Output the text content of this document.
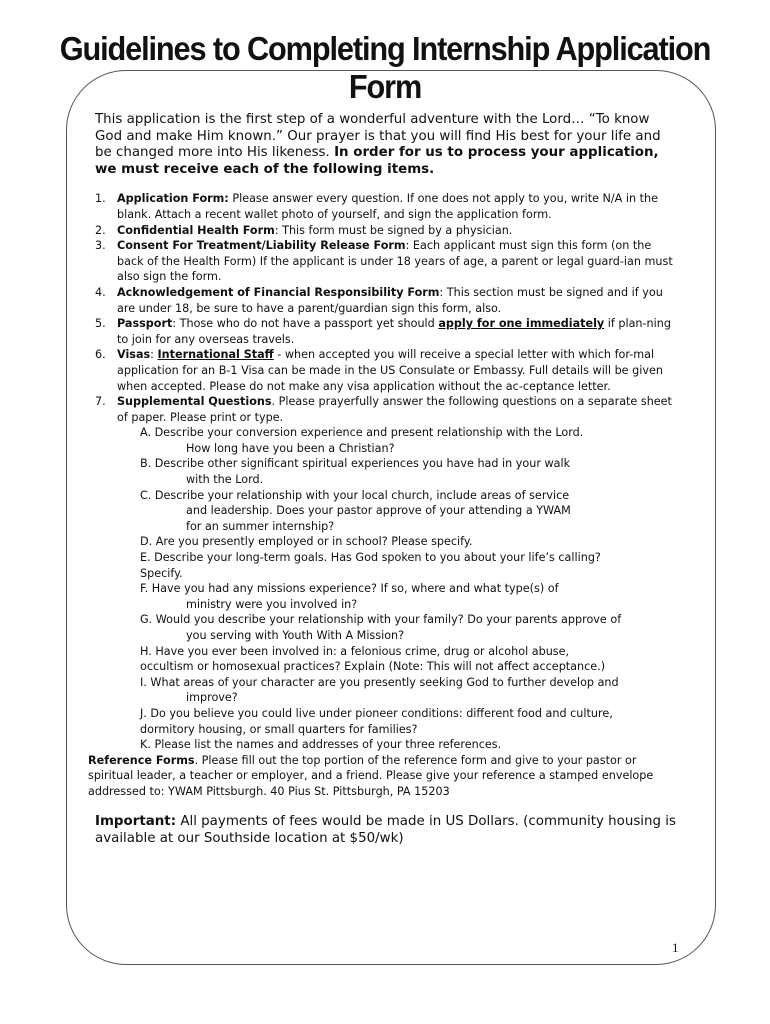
Guidelines to Completing Internship Application Form

This application is the first step of a wonderful adventure with the Lord… “To know God and make Him known.” Our prayer is that you will find His best for your life and be changed more into His likeness. In order for us to process your application, we must receive each of the following items.

1.	Application Form: Please answer every question. If one does not apply to you, write N/A in the blank. Attach a recent wallet photo of yourself, and sign the application form.
2.	Confidential Health Form: This form must be signed by a physician.
3.	Consent For Treatment/Liability Release Form: Each applicant must sign this form (on the back of the Health Form) If the applicant is under 18 years of age, a parent or legal guard-ian must also sign the form.
4.	Acknowledgement of Financial Responsibility Form: This section must be signed and if you are under 18, be sure to have a parent/guardian sign this form, also.
5.	Passport: Those who do not have a passport yet should apply for one immediately if plan-ning to join for any overseas travels.
6.	Visas: International Staff - when accepted you will receive a special letter with which for-mal application for an B-1 Visa can be made in the US Consulate or Embassy. Full details will be given when accepted. Please do not make any visa application without the ac-ceptance letter.
7.	Supplemental Questions. Please prayerfully answer the following questions on a separate sheet of paper. Please print or type.
A. Describe your conversion experience and present relationship with the Lord.
How long have you been a Christian?
B. Describe other significant spiritual experiences you have had in your walk
with the Lord.
C. Describe your relationship with your local church, include areas of service
and leadership. Does your pastor approve of your attending a YWAM
for an summer internship?
D. Are you presently employed or in school? Please specify.
E. Describe your long-term goals. Has God spoken to you about your life’s calling?
Specify.
F. Have you had any missions experience? If so, where and what type(s) of
ministry were you involved in?
G. Would you describe your relationship with your family? Do your parents approve of
you serving with Youth With A Mission?
H. Have you ever been involved in: a felonious crime, drug or alcohol abuse,
occultism or homosexual practices? Explain (Note: This will not affect acceptance.)
I. What areas of your character are you presently seeking God to further develop and
improve?
J. Do you believe you could live under pioneer conditions: different food and culture,
dormitory housing, or small quarters for families?
K. Please list the names and addresses of your three references.
Reference Forms. Please fill out the top portion of the reference form and give to your pastor or spiritual leader, a teacher or employer, and a friend. Please give your reference a stamped envelope addressed to: YWAM Pittsburgh. 40 Pius St. Pittsburgh, PA 15203
Important: All payments of fees would be made in US Dollars. (community housing is available at our Southside location at $50/wk)
1
